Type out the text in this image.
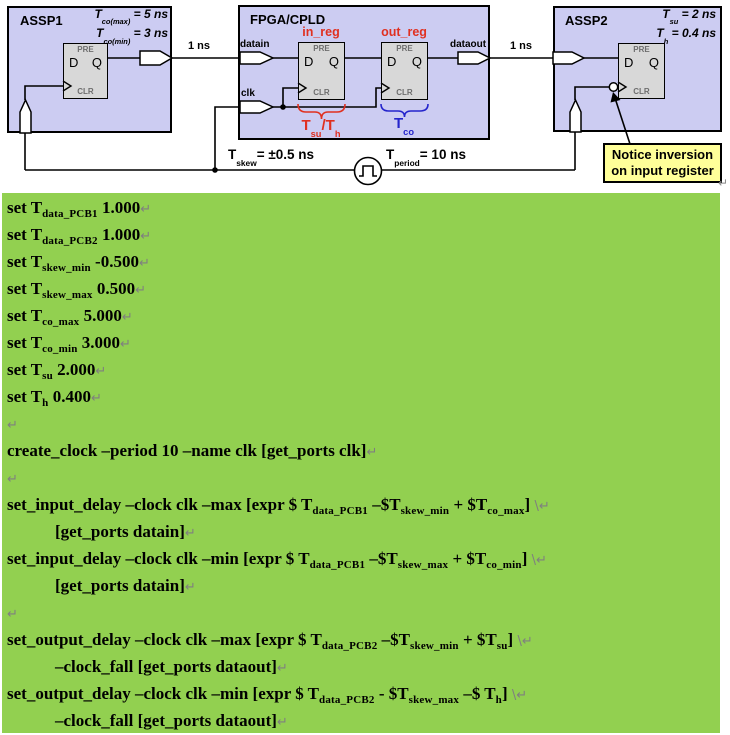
PRE
D Q
CLR
PRE
D Q
CLR
PRE
D Q
CLR
PRE
D Q
CLR
ASSP1	FPGA/CPLD	ASSP2
$T_{co(max)} = 5$ ns
$T_{co(min)} = 3$ ns
$T_{su} = 2$ ns
$T_h = 0.4$ ns
in_reg	out_reg
datain
clk
dataout
1 ns	1 ns
$T_{su}/T_h$
$T_{co}$
$T_{skew}= \pm 0.5$ ns	$T_{period}= 10$ ns	Notice inversion
on input register
↵
set $T_{data\_PCB1}$ 1.000↵
set $T_{data\_PCB2}$ 1.000↵
set $T_{skew\_min}$ -0.500↵
set $T_{skew\_max}$ 0.500↵
set $T_{co\_max}$ 5.000↵
set $T_{co\_min}$ 3.000↵
set $T_{su}$ 2.000↵
set $T_h$ 0.400↵
↵
create_clock –period 10 –name clk [get_ports clk]↵
↵
set_input_delay –clock clk –max [expr $ $T_{data\_PCB1}$ $-\$T_{skew\_min}$ + $\$T_{co\_max}$] \↵
[get_ports datain]↵
set_input_delay –clock clk –min [expr $ $T_{data\_PCB1}$ $-\$T_{skew\_max}$ + $\$T_{co\_min}$] \↵
[get_ports datain]↵
↵
set_output_delay –clock clk –max [expr $ $T_{data\_PCB2}$ $-\$T_{skew\_min}$ + $\$T_{su}$] \↵
–clock_fall [get_ports dataout]↵
set_output_delay –clock clk –min [expr $ $T_{data\_PCB2}$ - $\$T_{skew\_max}$ –$ $T_h$] \↵
–clock_fall [get_ports dataout]↵
